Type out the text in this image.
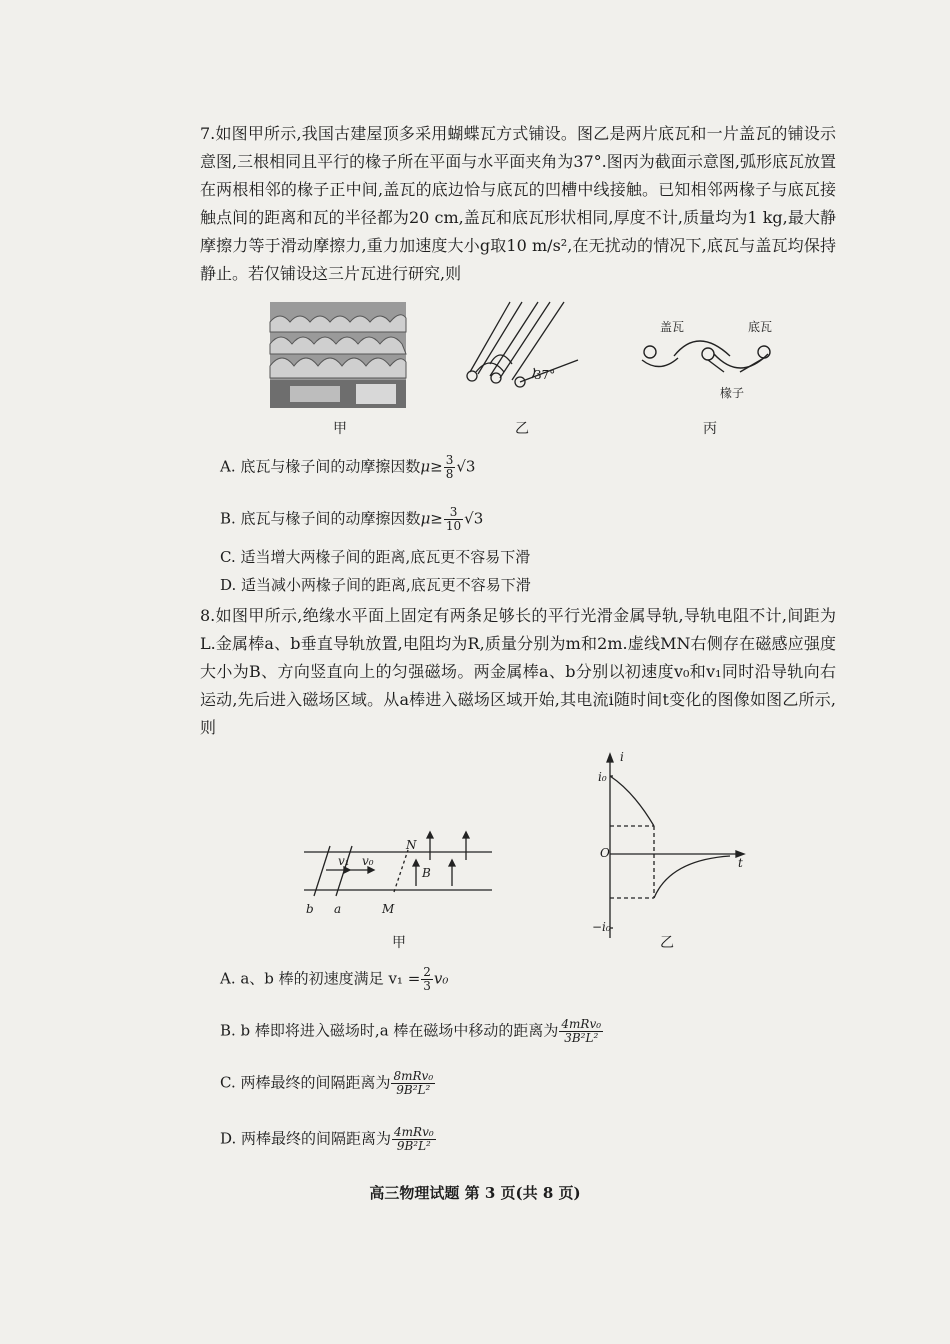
7.如图甲所示,我国古建屋顶多采用蝴蝶瓦方式铺设。图乙是两片底瓦和一片盖瓦的铺设示意图,三根相同且平行的椽子所在平面与水平面夹角为37°.图丙为截面示意图,弧形底瓦放置在两根相邻的椽子正中间,盖瓦的底边恰与底瓦的凹槽中线接触。已知相邻两椽子与底瓦接触点间的距离和瓦的半径都为20 cm,盖瓦和底瓦形状相同,厚度不计,质量均为1 kg,最大静摩擦力等于滑动摩擦力,重力加速度大小g取10 m/s²,在无扰动的情况下,底瓦与盖瓦均保持静止。若仅铺设这三片瓦进行研究,则
甲
37°
乙
盖瓦	底瓦
椽子
丙
A. 底瓦与椽子间的动摩擦因数$\mu\ge \frac{3}{8} √3$
B. 底瓦与椽子间的动摩擦因数$\mu\ge \frac{3}{10} √3$
C. 适当增大两椽子间的距离,底瓦更不容易下滑
D. 适当减小两椽子间的距离,底瓦更不容易下滑
8.如图甲所示,绝缘水平面上固定有两条足够长的平行光滑金属导轨,导轨电阻不计,间距为L.金属棒a、b垂直导轨放置,电阻均为R,质量分别为m和2m.虚线MN右侧存在磁感应强度大小为B、方向竖直向上的匀强磁场。两金属棒a、b分别以初速度v₀和v₁同时沿导轨向右运动,先后进入磁场区域。从a棒进入磁场区域开始,其电流i随时间t变化的图像如图乙所示,则
v₁ v₀
N
B
b a	M
甲
i
t
O
i₀
−i₀
乙
A. a、b 棒的初速度满足 $v_1 = \frac{2}{3} v_0$
B. b 棒即将进入磁场时,a 棒在磁场中移动的距离为 $\frac{\text{4mRv₀}}{\text{3B²L²}}$
C. 两棒最终的间隔距离为 $\frac{\text{8mRv₀}}{\text{9B²L²}}$
D. 两棒最终的间隔距离为 $\frac{\text{4mRv₀}}{\text{9B²L²}}$
高三物理试题 第 3 页(共 8 页)
